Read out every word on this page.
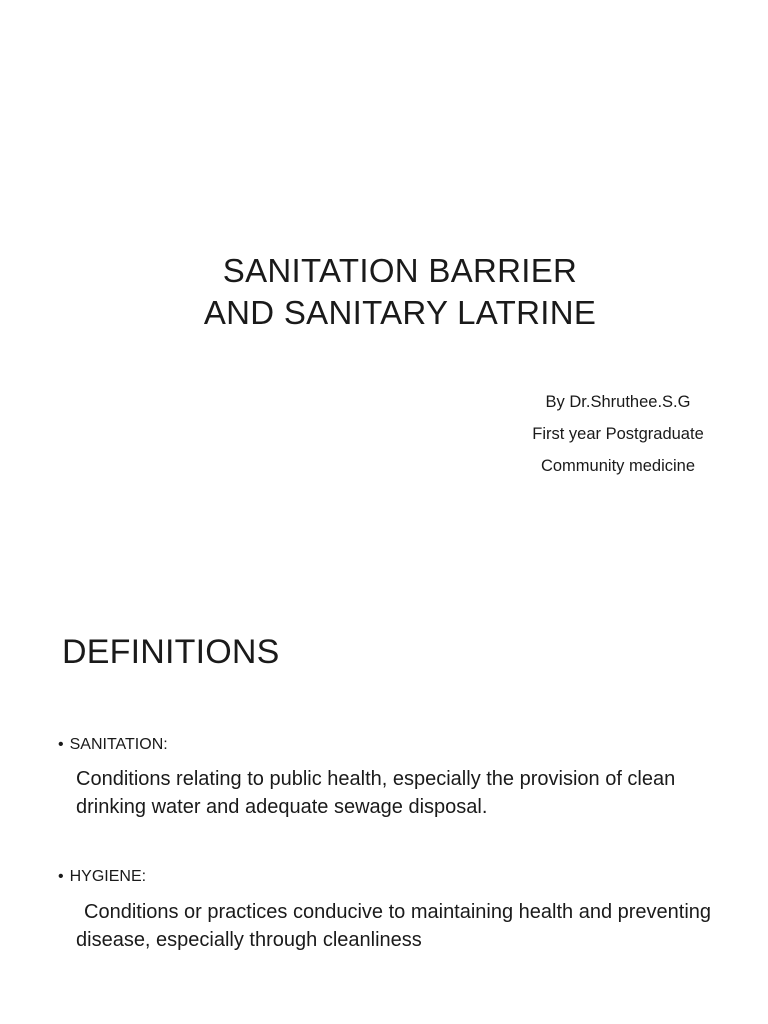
SANITATION BARRIER
AND SANITARY LATRINE
By Dr.Shruthee.S.G
First year Postgraduate
Community medicine
DEFINITIONS
• SANITATION:
Conditions relating to public health, especially the provision of clean drinking water and adequate sewage disposal.
• HYGIENE:
Conditions or practices conducive to maintaining health and preventing disease, especially through cleanliness
